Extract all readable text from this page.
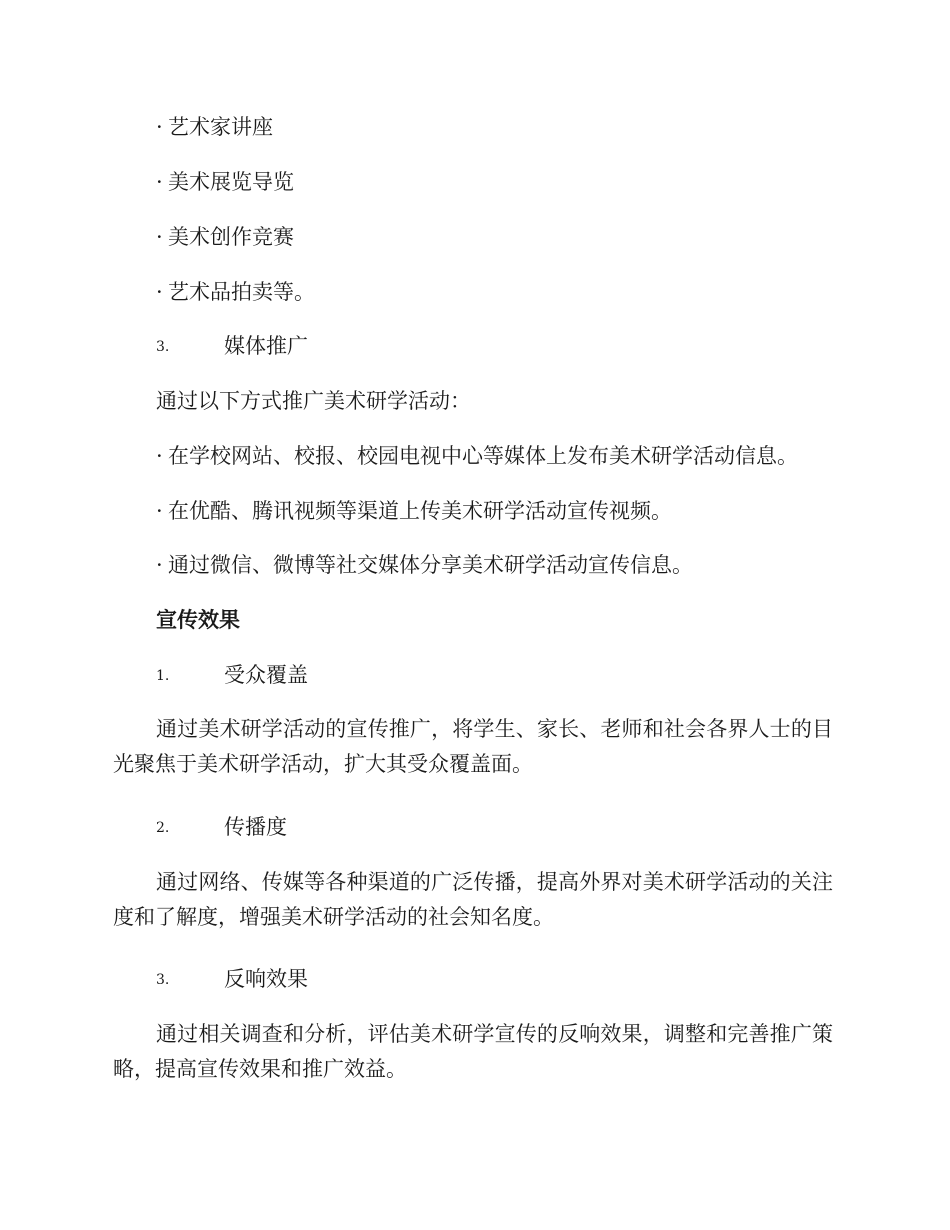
· 艺术家讲座
· 美术展览导览
· 美术创作竞赛
· 艺术品拍卖等。
3.	媒体推广
通过以下方式推广美术研学活动：
· 在学校网站、校报、校园电视中心等媒体上发布美术研学活动信息。
· 在优酷、腾讯视频等渠道上传美术研学活动宣传视频。
· 通过微信、微博等社交媒体分享美术研学活动宣传信息。
宣传效果
1.	受众覆盖
通过美术研学活动的宣传推广，将学生、家长、老师和社会各界人士的目光聚焦于美术研学活动，扩大其受众覆盖面。
2.	传播度
通过网络、传媒等各种渠道的广泛传播，提高外界对美术研学活动的关注度和了解度，增强美术研学活动的社会知名度。
3.	反响效果
通过相关调查和分析，评估美术研学宣传的反响效果，调整和完善推广策略，提高宣传效果和推广效益。
